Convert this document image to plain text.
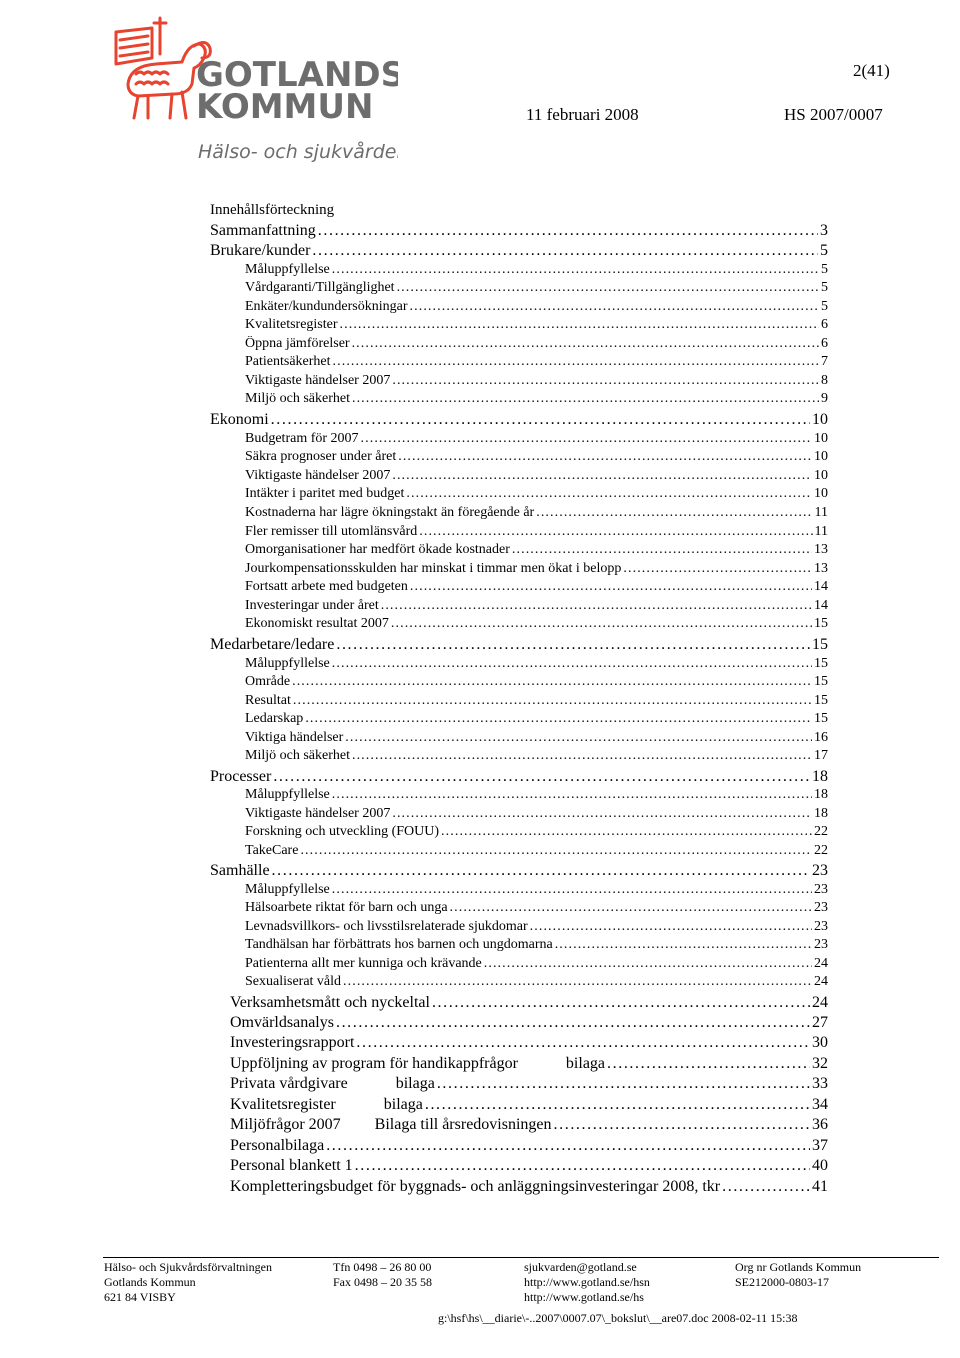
GOTLANDS
KOMMUN
Hälso- och sjukvården
2(41)
11 februari 2008	HS 2007/0007
Innehållsförteckning
Sammanfattning . . .	3
Brukare/kunder . . .	5
Måluppfyllelse . . .	5
Vårdgaranti/Tillgänglighet . . .	5
Enkäter/kundundersökningar . . .	5
Kvalitetsregister . . .	6
Öppna jämförelser . . .	6
Patientsäkerhet . . .	7
Viktigaste händelser 2007 . . .	8
Miljö och säkerhet . . .	9
Ekonomi . . .	10
Budgetram för 2007 . . .	10
Säkra prognoser under året . . .	10
Viktigaste händelser 2007 . . .	10
Intäkter i paritet med budget . . .	10
Kostnaderna har lägre ökningstakt än föregående år . . .	11
Fler remisser till utomlänsvård . . .	11
Omorganisationer har medfört ökade kostnader . . .	13
Jourkompensationsskulden har minskat i timmar men ökat i belopp . . .	13
Fortsatt arbete med budgeten . . .	14
Investeringar under året . . .	14
Ekonomiskt resultat 2007 . . .	15
Medarbetare/ledare . . .	15
Måluppfyllelse . . .	15
Område . . .	15
Resultat . . .	15
Ledarskap . . .	15
Viktiga händelser . . .	16
Miljö och säkerhet . . .	17
Processer . . .	18
Måluppfyllelse . . .	18
Viktigaste händelser 2007 . . .	18
Forskning och utveckling (FOUU) . . .	22
TakeCare . . .	22
Samhälle . . .	23
Måluppfyllelse . . .	23
Hälsoarbete riktat för barn och unga . . .	23
Levnadsvillkors- och livsstilsrelaterade sjukdomar . . .	23
Tandhälsan har förbättrats hos barnen och ungdomarna . . .	23
Patienterna allt mer kunniga och krävande . . .	24
Sexualiserat våld . . .	24
Verksamhetsmått och nyckeltal . . .	24
Omvärldsanalys . . .	27
Investeringsrapport . . .	30
Uppföljning av program för handikappfrågor	bilaga . . .	32
Privata vårdgivare	bilaga . . .	33
Kvalitetsregister	bilaga . . .	34
Miljöfrågor 2007 Bilaga till årsredovisningen . . .	36
Personalbilaga . . .	37
Personal blankett 1 . . .	40
Kompletteringsbudget för byggnads- och anläggningsinvesteringar 2008, tkr . . .	41
Hälso- och Sjukvårdsförvaltningen
Gotlands Kommun
621 84 VISBY
Tfn 0498 – 26 80 00
Fax 0498 – 20 35 58
sjukvarden@gotland.se
http://www.gotland.se/hsn
http://www.gotland.se/hs
Org nr Gotlands Kommun
SE212000-0803-17
g:\hsf\hs\__diarie\-..2007\0007.07\_bokslut\__are07.doc 2008-02-11 15:38
